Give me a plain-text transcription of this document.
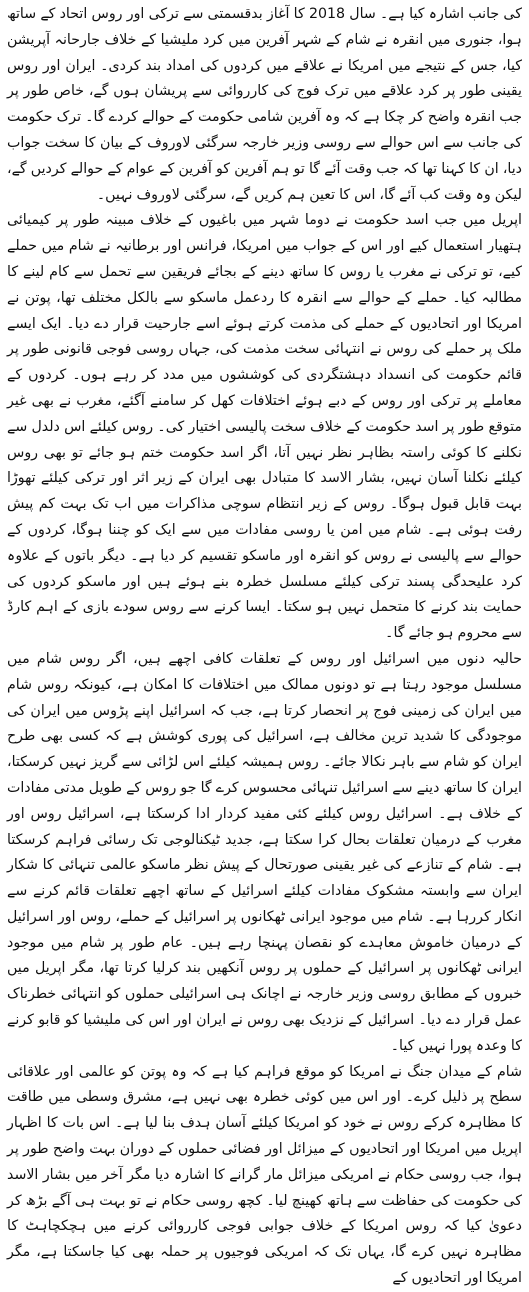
کی جانب اشارہ کیا ہے۔ سال 2018 کا آغاز بدقسمتی سے ترکی اور روس اتحاد کے ساتھ ہوا، جنوری میں انقرہ نے شام کے شہر آفرین میں کرد ملیشیا کے خلاف جارحانہ آپریشن کیا، جس کے نتیجے میں امریکا نے علاقے میں کردوں کی امداد بند کردی۔ ایران اور روس یقینی طور پر کرد علاقے میں ترک فوج کی کارروائی سے پریشان ہوں گے، خاص طور پر جب انقرہ واضح کر چکا ہے کہ وہ آفرین شامی حکومت کے حوالے کردے گا۔ ترک حکومت کی جانب سے اس حوالے سے روسی وزیر خارجہ سرگئی لاوروف کے بیان کا سخت جواب دیا، ان کا کہنا تھا کہ جب وقت آئے گا تو ہم آفرین کو آفرین کے عوام کے حوالے کردیں گے، لیکن وہ وقت کب آئے گا، اس کا تعین ہم کریں گے، سرگئی لاوروف نہیں۔

اپریل میں جب اسد حکومت نے دوما شہر میں باغیوں کے خلاف مبینہ طور پر کیمیائی ہتھیار استعمال کیے اور اس کے جواب میں امریکا، فرانس اور برطانیہ نے شام میں حملے کیے، تو ترکی نے مغرب یا روس کا ساتھ دینے کے بجائے فریقین سے تحمل سے کام لینے کا مطالبہ کیا۔ حملے کے حوالے سے انقرہ کا ردعمل ماسکو سے بالکل مختلف تھا، پوتن نے امریکا اور اتحادیوں کے حملے کی مذمت کرتے ہوئے اسے جارحیت قرار دے دیا۔ ایک ایسے ملک پر حملے کی روس نے انتہائی سخت مذمت کی، جہاں روسی فوجی قانونی طور پر قائم حکومت کی انسداد دہشتگردی کی کوششوں میں مدد کر رہے ہوں۔ کردوں کے معاملے پر ترکی اور روس کے دبے ہوئے اختلافات کھل کر سامنے آگئے، مغرب نے بھی غیر متوقع طور پر اسد حکومت کے خلاف سخت پالیسی اختیار کی۔ روس کیلئے اس دلدل سے نکلنے کا کوئی راستہ بظاہر نظر نہیں آتا، اگر اسد حکومت ختم ہو جائے تو بھی روس کیلئے نکلنا آسان نہیں، بشار الاسد کا متبادل بھی ایران کے زیر اثر اور ترکی کیلئے تھوڑا بہت قابل قبول ہوگا۔ روس کے زیر انتظام سوچی مذاکرات میں اب تک بہت کم پیش رفت ہوئی ہے۔ شام میں امن یا روسی مفادات میں سے ایک کو چننا ہوگا، کردوں کے حوالے سے پالیسی نے روس کو انقرہ اور ماسکو تقسیم کر دیا ہے۔ دیگر باتوں کے علاوہ کرد علیحدگی پسند ترکی کیلئے مسلسل خطرہ بنے ہوئے ہیں اور ماسکو کردوں کی حمایت بند کرنے کا متحمل نہیں ہو سکتا۔ ایسا کرنے سے روس سودے بازی کے اہم کارڈ سے محروم ہو جائے گا۔

حالیہ دنوں میں اسرائیل اور روس کے تعلقات کافی اچھے ہیں، اگر روس شام میں مسلسل موجود رہتا ہے تو دونوں ممالک میں اختلافات کا امکان ہے، کیونکہ روس شام میں ایران کی زمینی فوج پر انحصار کرتا ہے، جب کہ اسرائیل اپنے پڑوس میں ایران کی موجودگی کا شدید ترین مخالف ہے، اسرائیل کی پوری کوشش ہے کہ کسی بھی طرح ایران کو شام سے باہر نکالا جائے۔ روس ہمیشہ کیلئے اس لڑائی سے گریز نہیں کرسکتا، ایران کا ساتھ دینے سے اسرائیل تنہائی محسوس کرے گا جو روس کے طویل مدتی مفادات کے خلاف ہے۔ اسرائیل روس کیلئے کئی مفید کردار ادا کرسکتا ہے، اسرائیل روس اور مغرب کے درمیان تعلقات بحال کرا سکتا ہے، جدید ٹیکنالوجی تک رسائی فراہم کرسکتا ہے۔ شام کے تنازعے کی غیر یقینی صورتحال کے پیش نظر ماسکو عالمی تنہائی کا شکار ایران سے وابستہ مشکوک مفادات کیلئے اسرائیل کے ساتھ اچھے تعلقات قائم کرنے سے انکار کررہا ہے۔ شام میں موجود ایرانی ٹھکانوں پر اسرائیل کے حملے، روس اور اسرائیل کے درمیان خاموش معاہدے کو نقصان پہنچا رہے ہیں۔ عام طور پر شام میں موجود ایرانی ٹھکانوں پر اسرائیل کے حملوں پر روس آنکھیں بند کرلیا کرتا تھا، مگر اپریل میں خبروں کے مطابق روسی وزیر خارجہ نے اچانک ہی اسرائیلی حملوں کو انتہائی خطرناک عمل قرار دے دیا۔ اسرائیل کے نزدیک بھی روس نے ایران اور اس کی ملیشیا کو قابو کرنے کا وعدہ پورا نہیں کیا۔

شام کے میدان جنگ نے امریکا کو موقع فراہم کیا ہے کہ وہ پوتن کو عالمی اور علاقائی سطح پر ذلیل کرے۔ اور اس میں کوئی خطرہ بھی نہیں ہے، مشرق وسطی میں طاقت کا مظاہرہ کرکے روس نے خود کو امریکا کیلئے آسان ہدف بنا لیا ہے۔ اس بات کا اظہار اپریل میں امریکا اور اتحادیوں کے میزائل اور فضائی حملوں کے دوران بہت واضح طور پر ہوا، جب روسی حکام نے امریکی میزائل مار گرانے کا اشارہ دیا مگر آخر میں بشار الاسد کی حکومت کی حفاظت سے ہاتھ کھینچ لیا۔ کچھ روسی حکام نے تو بہت ہی آگے بڑھ کر دعویٰ کیا کہ روس امریکا کے خلاف جوابی فوجی کارروائی کرنے میں ہچکچاہٹ کا مظاہرہ نہیں کرے گا، یہاں تک کہ امریکی فوجیوں پر حملہ بھی کیا جاسکتا ہے، مگر امریکا اور اتحادیوں کے
